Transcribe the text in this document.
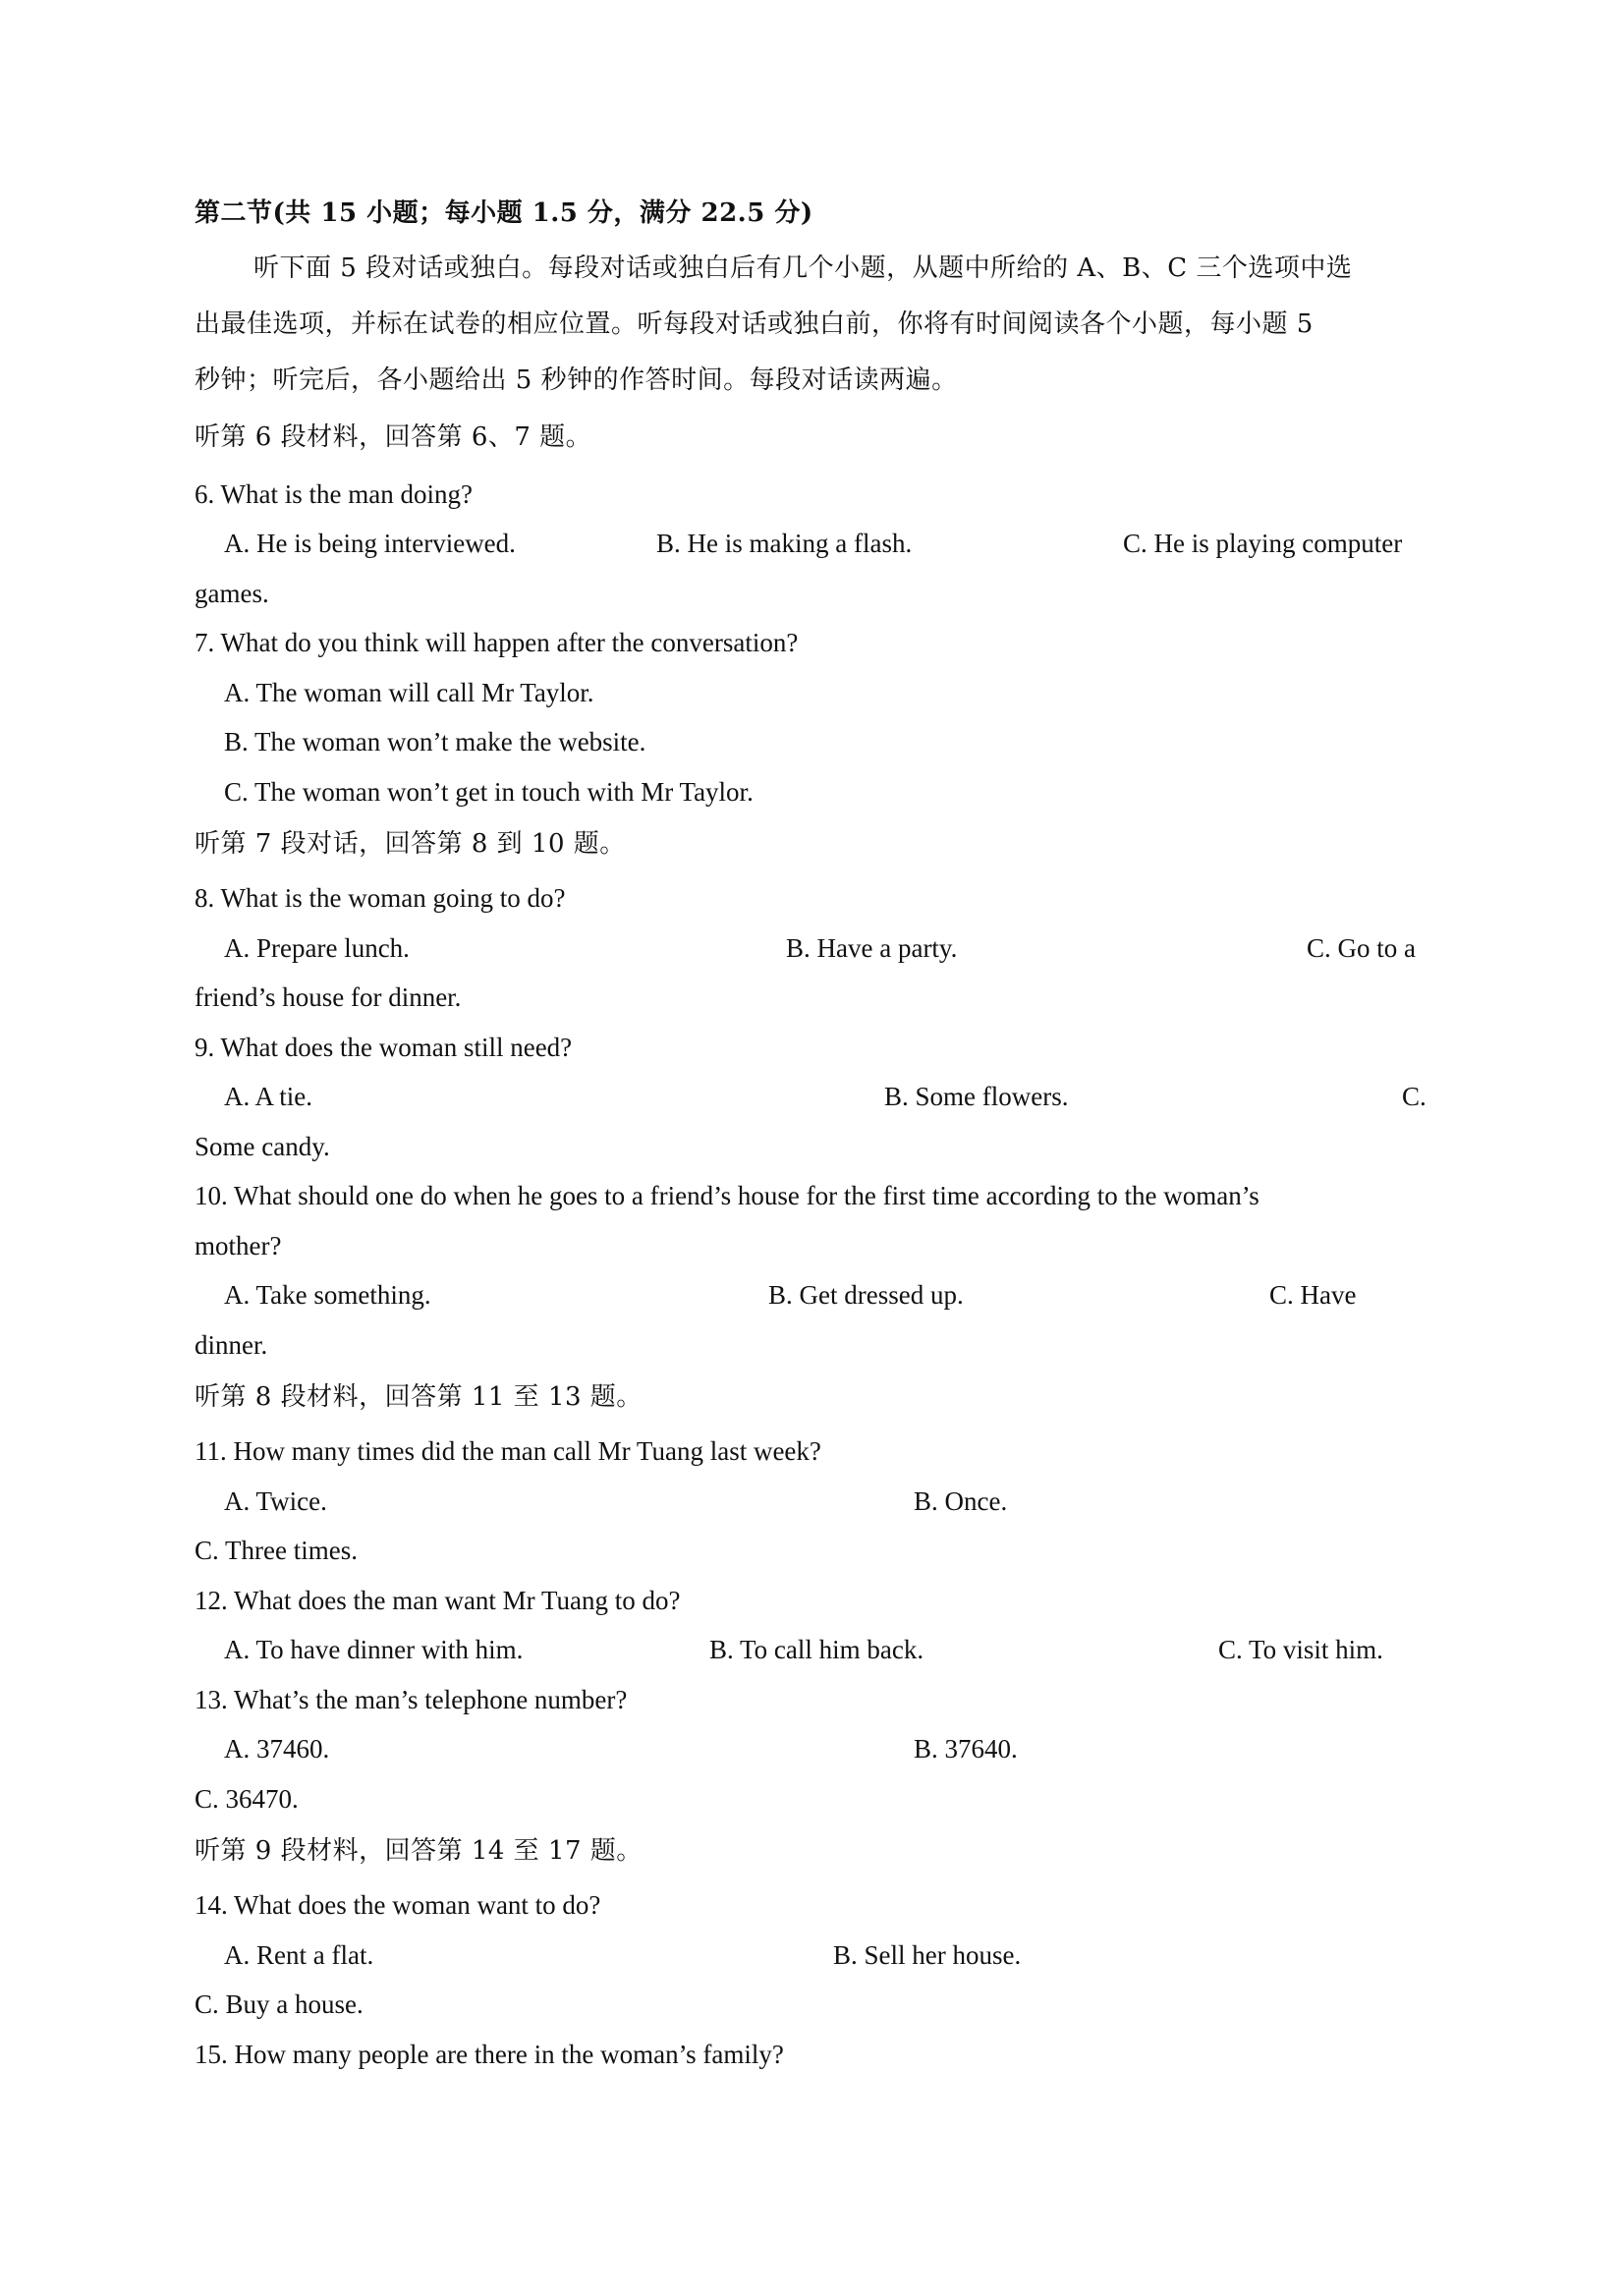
第二节(共 15 小题；每小题 1.5 分，满分 22.5 分)
听下面 5 段对话或独白。每段对话或独白后有几个小题，从题中所给的 A、B、C 三个选项中选
出最佳选项，并标在试卷的相应位置。听每段对话或独白前，你将有时间阅读各个小题，每小题 5
秒钟；听完后，各小题给出 5 秒钟的作答时间。每段对话读两遍。
听第 6 段材料，回答第 6、7 题。
6. What is the man doing?
A. He is being interviewed.	B. He is making a flash.	C. He is playing computer
games.
7. What do you think will happen after the conversation?
A. The woman will call Mr Taylor.
B. The woman won’t make the website.
C. The woman won’t get in touch with Mr Taylor.
听第 7 段对话，回答第 8 到 10 题。
8. What is the woman going to do?
A. Prepare lunch.	B. Have a party.	C. Go to a
friend’s house for dinner.
9. What does the woman still need?
A. A tie.	B. Some flowers.	C.
Some candy.
10. What should one do when he goes to a friend’s house for the first time according to the woman’s
mother?
A. Take something.	B. Get dressed up.	C. Have
dinner.
听第 8 段材料，回答第 11 至 13 题。
11. How many times did the man call Mr Tuang last week?
A. Twice.	B. Once.
C. Three times.
12. What does the man want Mr Tuang to do?
A. To have dinner with him.	B. To call him back.	C. To visit him.
13. What’s the man’s telephone number?
A. 37460.	B. 37640.
C. 36470.
听第 9 段材料，回答第 14 至 17 题。
14. What does the woman want to do?
A. Rent a flat.	B. Sell her house.
C. Buy a house.
15. How many people are there in the woman’s family?
